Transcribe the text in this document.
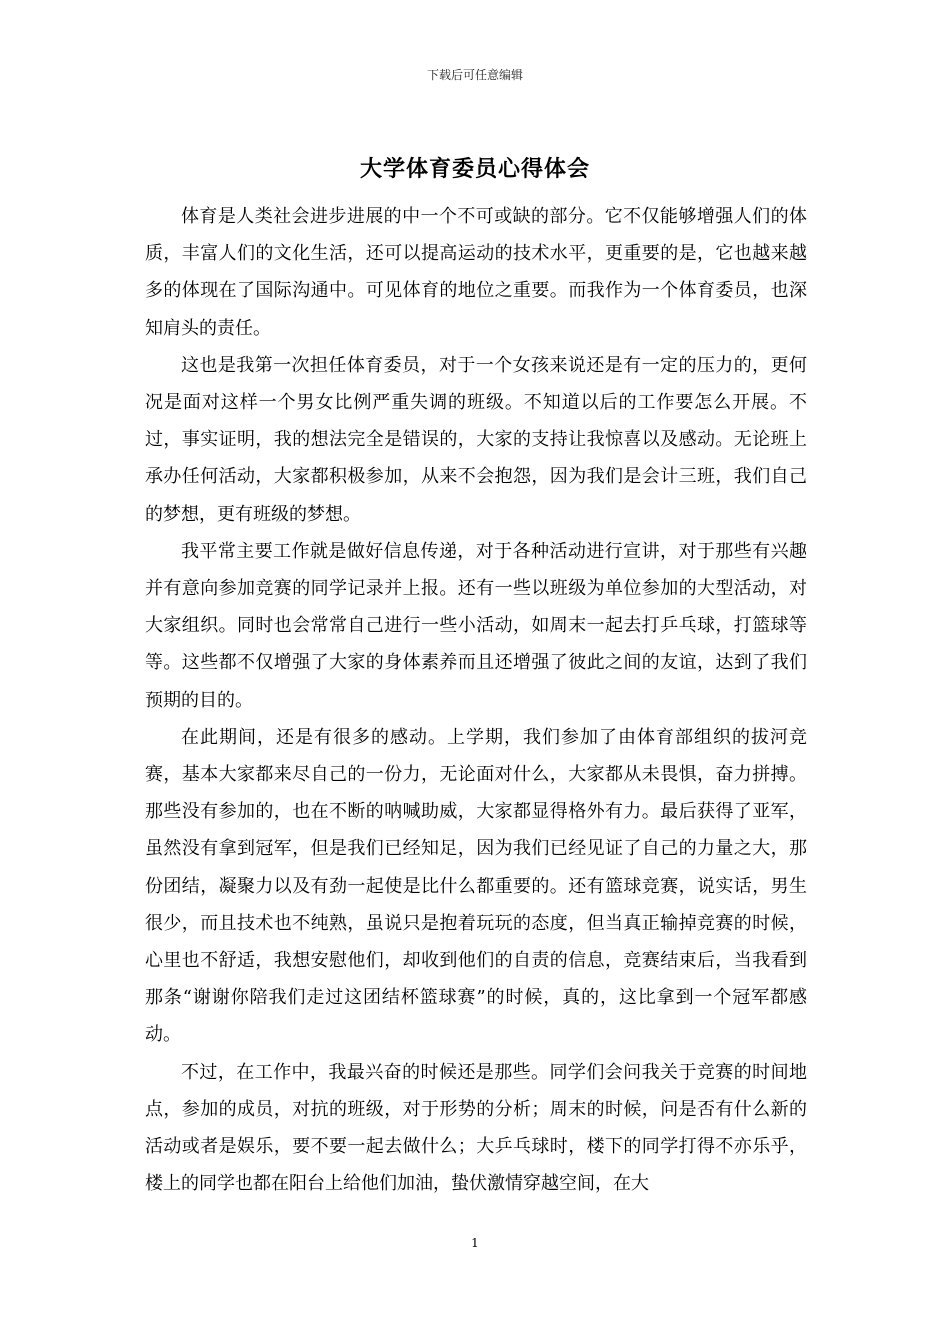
下载后可任意编辑
大学体育委员心得体会

体育是人类社会进步进展的中一个不可或缺的部分。它不仅能够增强人们的体质，丰富人们的文化生活，还可以提高运动的技术水平，更重要的是，它也越来越多的体现在了国际沟通中。可见体育的地位之重要。而我作为一个体育委员，也深知肩头的责任。

这也是我第一次担任体育委员，对于一个女孩来说还是有一定的压力的，更何况是面对这样一个男女比例严重失调的班级。不知道以后的工作要怎么开展。不过，事实证明，我的想法完全是错误的，大家的支持让我惊喜以及感动。无论班上承办任何活动，大家都积极参加，从来不会抱怨，因为我们是会计三班，我们自己的梦想，更有班级的梦想。

我平常主要工作就是做好信息传递，对于各种活动进行宣讲，对于那些有兴趣并有意向参加竞赛的同学记录并上报。还有一些以班级为单位参加的大型活动，对大家组织。同时也会常常自己进行一些小活动，如周末一起去打乒乓球，打篮球等等。这些都不仅增强了大家的身体素养而且还增强了彼此之间的友谊，达到了我们预期的目的。

在此期间，还是有很多的感动。上学期，我们参加了由体育部组织的拔河竞赛，基本大家都来尽自己的一份力，无论面对什么，大家都从未畏惧，奋力拼搏。那些没有参加的，也在不断的呐喊助威，大家都显得格外有力。最后获得了亚军，虽然没有拿到冠军，但是我们已经知足，因为我们已经见证了自己的力量之大，那份团结，凝聚力以及有劲一起使是比什么都重要的。还有篮球竞赛，说实话，男生很少，而且技术也不纯熟，虽说只是抱着玩玩的态度，但当真正输掉竞赛的时候，心里也不舒适，我想安慰他们，却收到他们的自责的信息，竞赛结束后，当我看到那条“谢谢你陪我们走过这团结杯篮球赛”的时候，真的，这比拿到一个冠军都感动。

不过，在工作中，我最兴奋的时候还是那些。同学们会问我关于竞赛的时间地点，参加的成员，对抗的班级，对于形势的分析；周末的时候，问是否有什么新的活动或者是娱乐，要不要一起去做什么；大乒乓球时，楼下的同学打得不亦乐乎，楼上的同学也都在阳台上给他们加油，蛰伏激情穿越空间，在大

1
